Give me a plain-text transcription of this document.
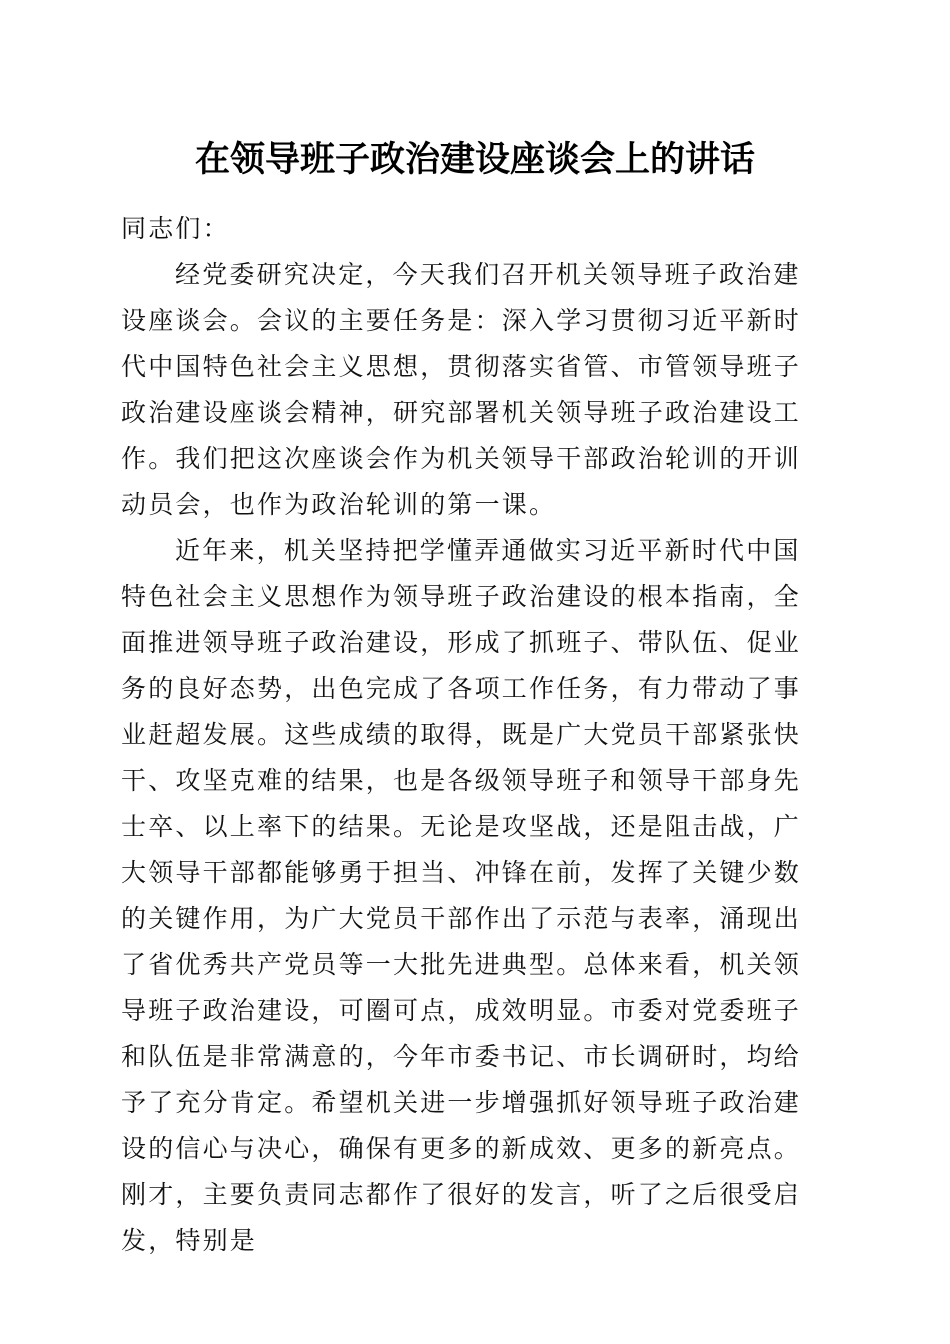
在领导班子政治建设座谈会上的讲话

同志们：

经党委研究决定，今天我们召开机关领导班子政治建设座谈会。会议的主要任务是：深入学习贯彻习近平新时代中国特色社会主义思想，贯彻落实省管、市管领导班子政治建设座谈会精神，研究部署机关领导班子政治建设工作。我们把这次座谈会作为机关领导干部政治轮训的开训动员会，也作为政治轮训的第一课。

近年来，机关坚持把学懂弄通做实习近平新时代中国特色社会主义思想作为领导班子政治建设的根本指南，全面推进领导班子政治建设，形成了抓班子、带队伍、促业务的良好态势，出色完成了各项工作任务，有力带动了事业赶超发展。这些成绩的取得，既是广大党员干部紧张快干、攻坚克难的结果，也是各级领导班子和领导干部身先士卒、以上率下的结果。无论是攻坚战，还是阻击战，广大领导干部都能够勇于担当、冲锋在前，发挥了关键少数的关键作用，为广大党员干部作出了示范与表率，涌现出了省优秀共产党员等一大批先进典型。总体来看，机关领导班子政治建设，可圈可点，成效明显。市委对党委班子和队伍是非常满意的，今年市委书记、市长调研时，均给予了充分肯定。希望机关进一步增强抓好领导班子政治建设的信心与决心，确保有更多的新成效、更多的新亮点。刚才，主要负责同志都作了很好的发言，听了之后很受启发，特别是
